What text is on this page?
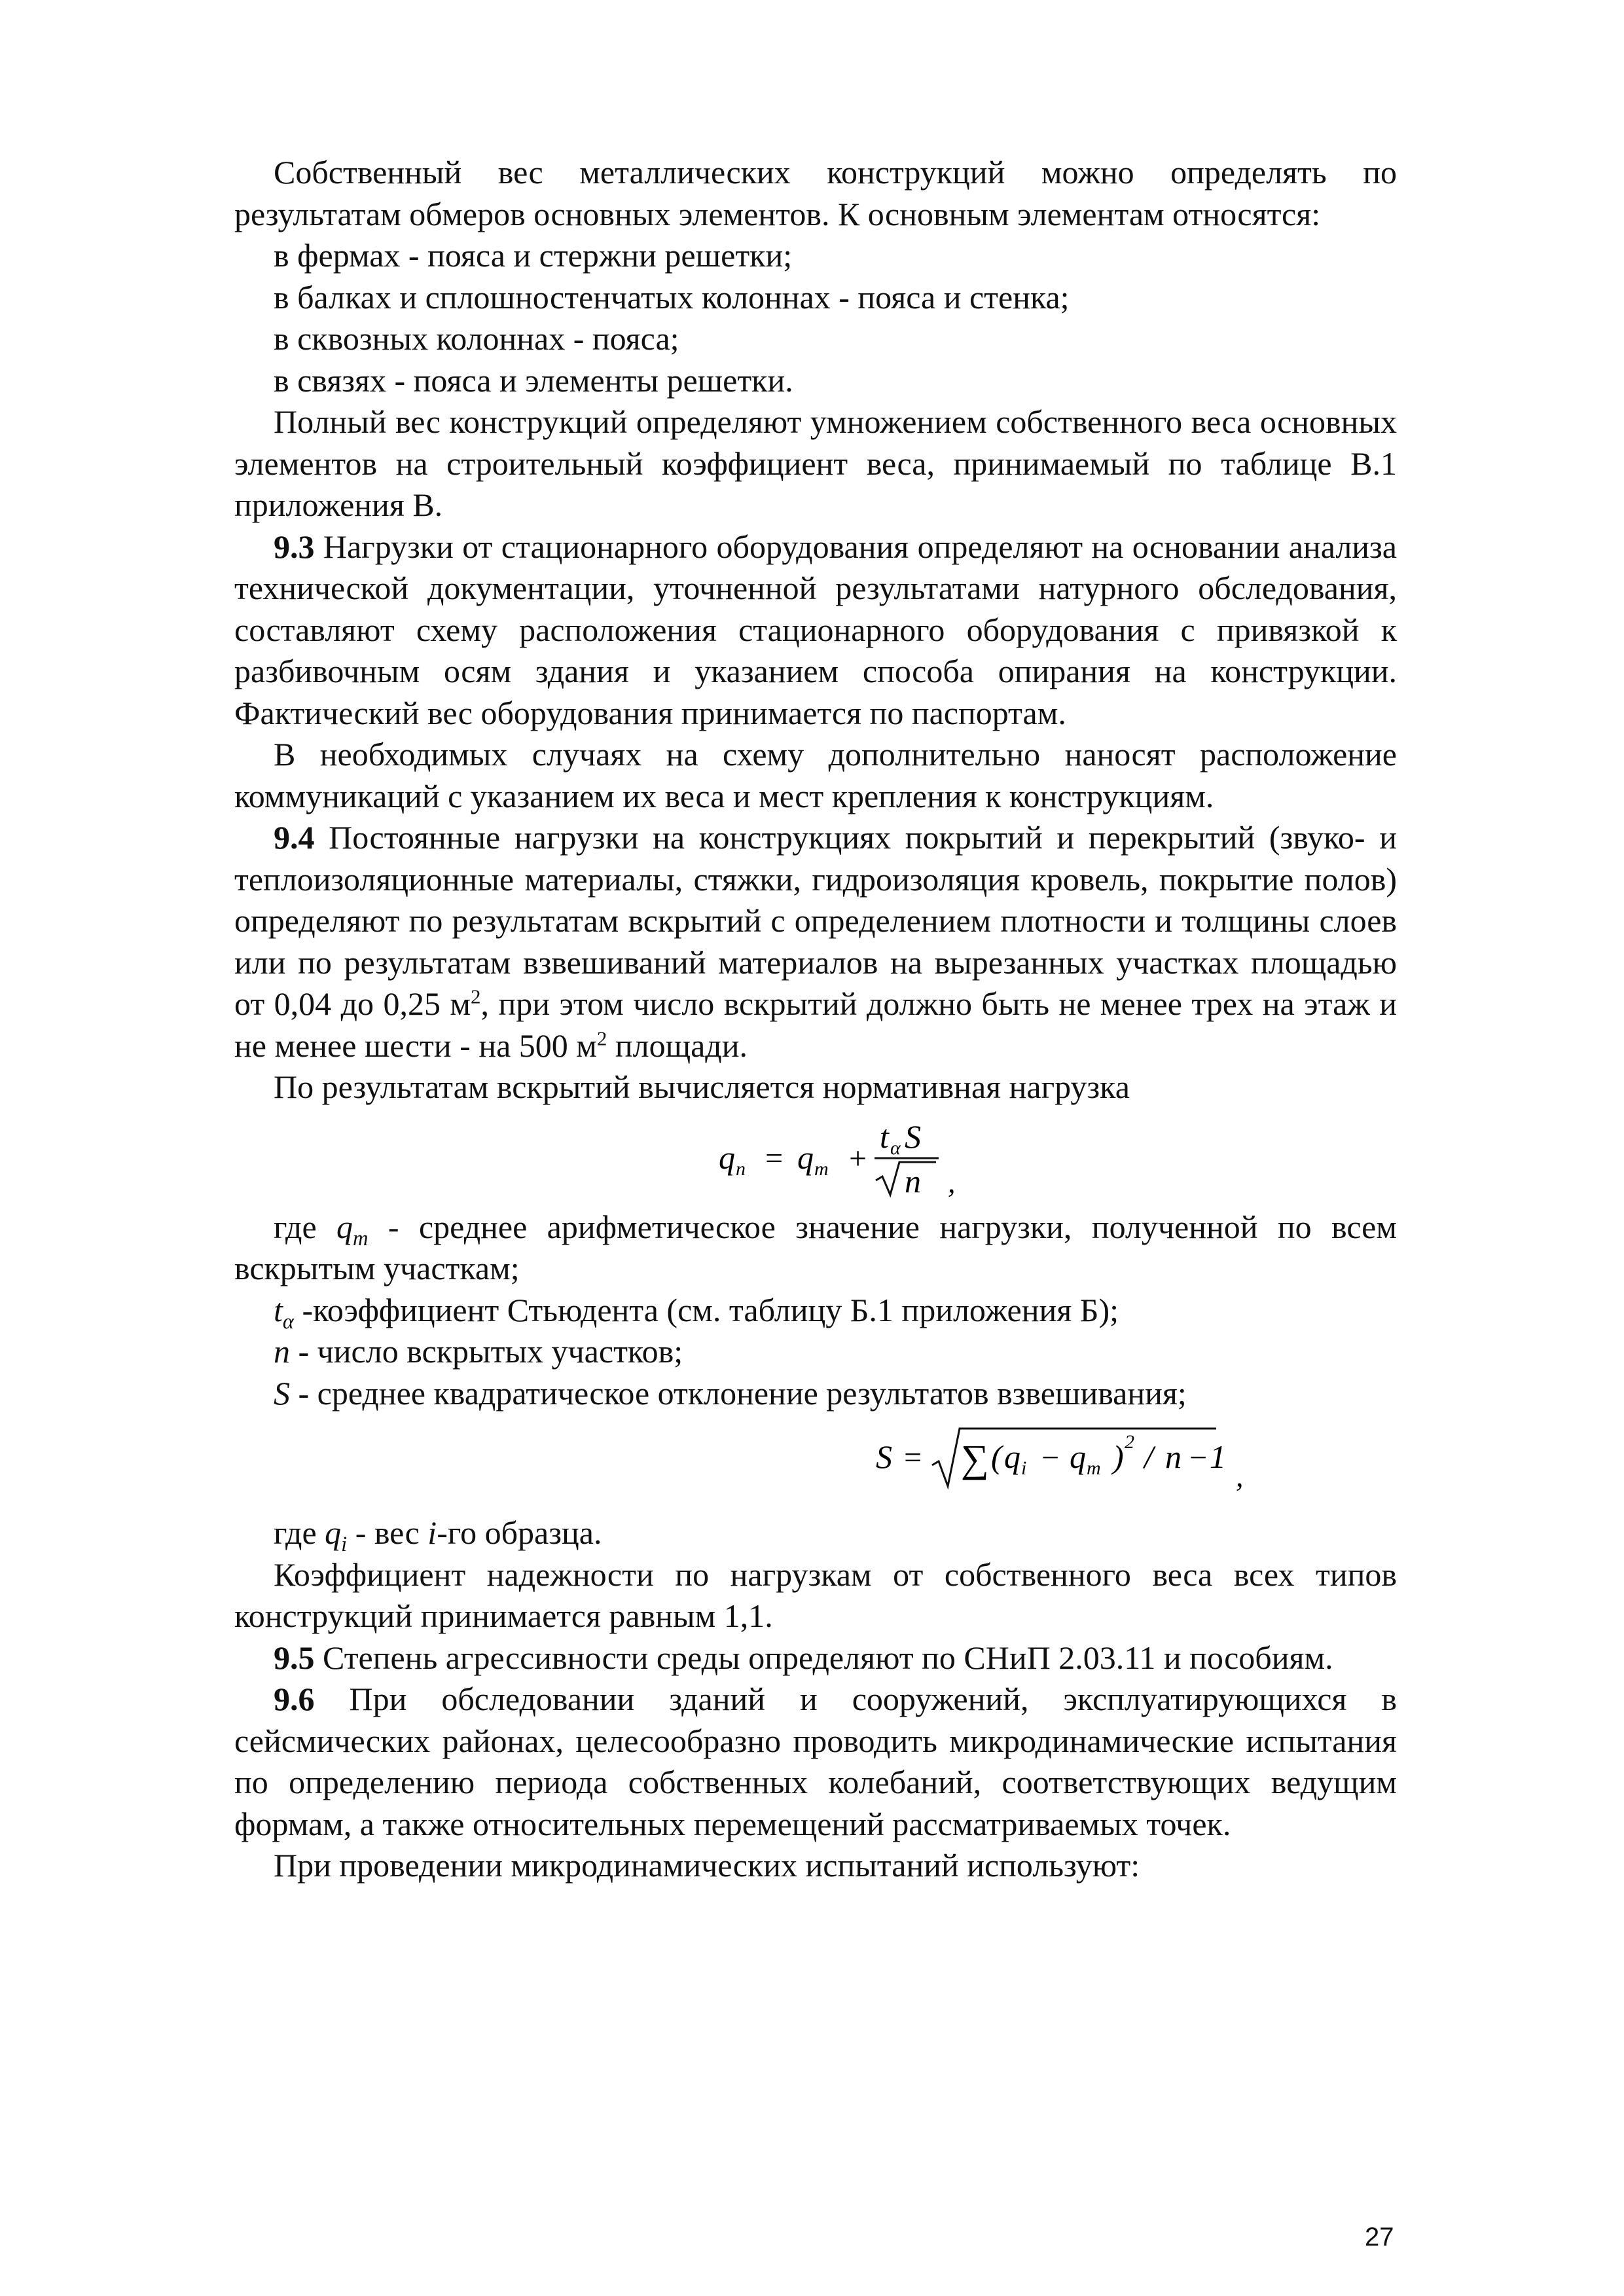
Собственный вес металлических конструкций можно определять по результатам обмеров основных элементов. К основным элементам относятся:

в фермах - пояса и стержни решетки;

в балках и сплошностенчатых колоннах - пояса и стенка;

в сквозных колоннах - пояса;

в связях - пояса и элементы решетки.

Полный вес конструкций определяют умножением собственного веса основных элементов на строительный коэффициент веса, принимаемый по таблице В.1 приложения В.

9.3 Нагрузки от стационарного оборудования определяют на основании анализа технической документации, уточненной результатами натурного обследования, составляют схему расположения стационарного оборудования с привязкой к разбивочным осям здания и указанием способа опирания на конструкции. Фактический вес оборудования принимается по паспортам.

В необходимых случаях на схему дополнительно наносят расположение коммуникаций с указанием их веса и мест крепления к конструкциям.

9.4 Постоянные нагрузки на конструкциях покрытий и перекрытий (звуко- и теплоизоляционные материалы, стяжки, гидроизоляция кровель, покрытие полов) определяют по результатам вскрытий с определением плотности и толщины слоев или по результатам взвешиваний материалов на вырезанных участках площадью от 0,04 до 0,25 $м^2$, при этом число вскрытий должно быть не менее трех на этаж и не менее шести - на 500 $м^2$ площади.

По результатам вскрытий вычисляется нормативная нагрузка

q n = q m +
t α S
n ,

где $q_m$ - среднее арифметическое значение нагрузки, полученной по всем вскрытым участкам;

$t_\alpha$ -коэффициент Стьюдента (см. таблицу Б.1 приложения Б);

n - число вскрытых участков;

S - среднее квадратическое отклонение результатов взвешивания;

S = ∑ ( q i − q m ) 2 / n − 1
,

где $q_i$ - вес i-го образца.

Коэффициент надежности по нагрузкам от собственного веса всех типов конструкций принимается равным 1,1.

9.5 Степень агрессивности среды определяют по СНиП 2.03.11 и пособиям.

9.6 При обследовании зданий и сооружений, эксплуатирующихся в сейсмических районах, целесообразно проводить микродинамические испытания по определению периода собственных колебаний, соответствующих ведущим формам, а также относительных перемещений рассматриваемых точек.

При проведении микродинамических испытаний используют:

27
